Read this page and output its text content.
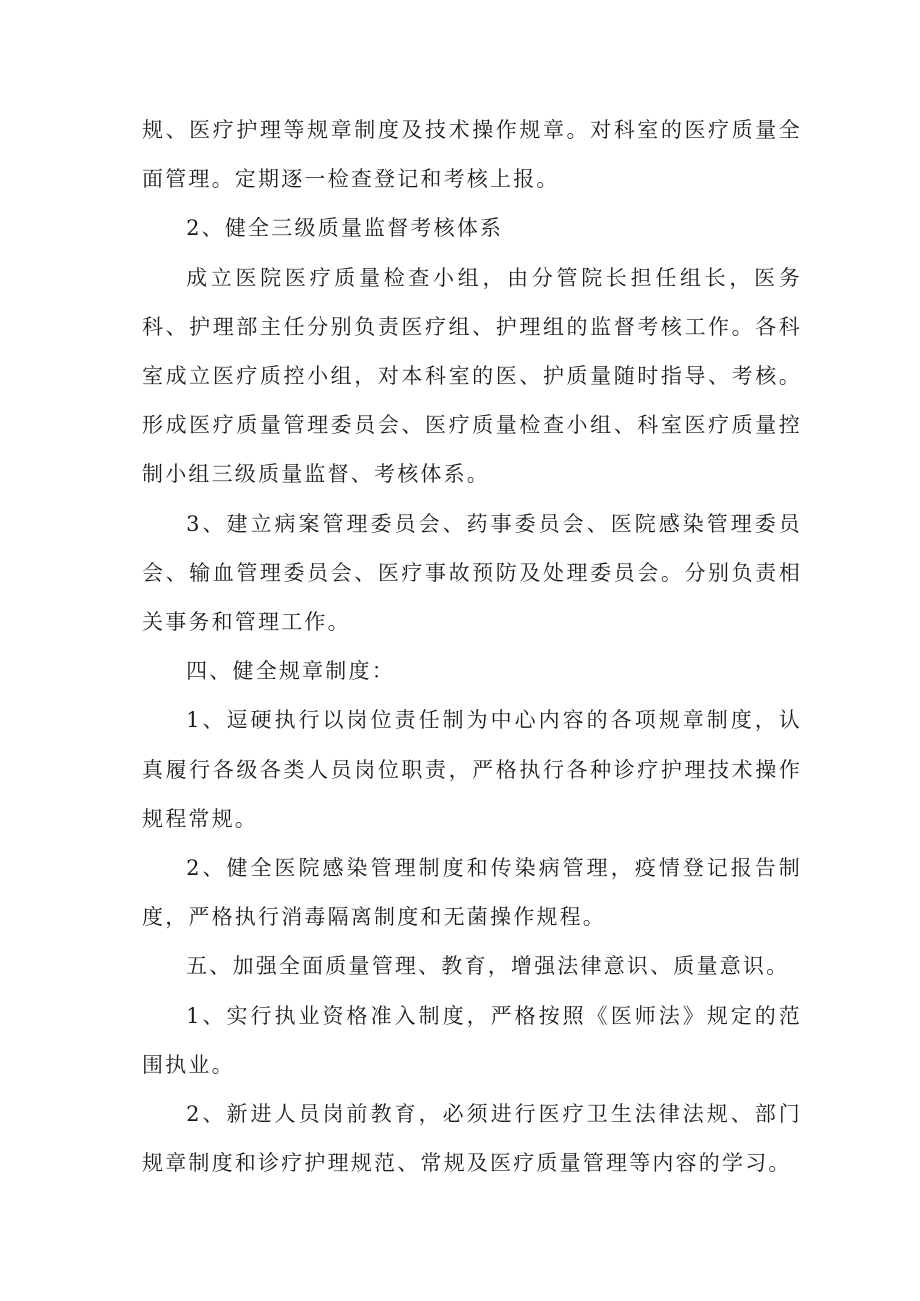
规、医疗护理等规章制度及技术操作规章。对科室的医疗质量全面管理。定期逐一检查登记和考核上报。

2、健全三级质量监督考核体系

成立医院医疗质量检查小组，由分管院长担任组长，医务科、护理部主任分别负责医疗组、护理组的监督考核工作。各科室成立医疗质控小组，对本科室的医、护质量随时指导、考核。形成医疗质量管理委员会、医疗质量检查小组、科室医疗质量控制小组三级质量监督、考核体系。

3、建立病案管理委员会、药事委员会、医院感染管理委员会、输血管理委员会、医疗事故预防及处理委员会。分别负责相关事务和管理工作。

四、健全规章制度：

1、逗硬执行以岗位责任制为中心内容的各项规章制度，认真履行各级各类人员岗位职责，严格执行各种诊疗护理技术操作规程常规。

2、健全医院感染管理制度和传染病管理，疫情登记报告制度，严格执行消毒隔离制度和无菌操作规程。

五、加强全面质量管理、教育，增强法律意识、质量意识。

1、实行执业资格准入制度，严格按照《医师法》规定的范围执业。

2、新进人员岗前教育，必须进行医疗卫生法律法规、部门规章制度和诊疗护理规范、常规及医疗质量管理等内容的学习。
